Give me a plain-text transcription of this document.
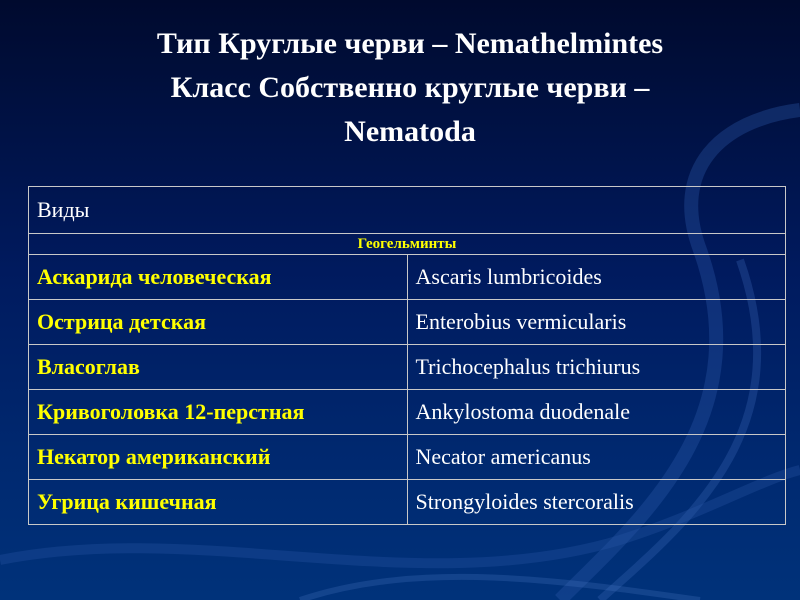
Тип Круглые черви – Nemathelmintes
Класс Собственно круглые черви –
Nematoda
Виды	
Геогельминты	
Аскарида человеческая	Ascaris lumbricoides
Острица детская	Enterobius vermicularis
Власоглав	Trichocephalus trichiurus
Кривоголовка 12-перстная	Ankylostoma duodenale
Некатор американский	Necator americanus
Угрица кишечная	Strongyloides stercoralis
